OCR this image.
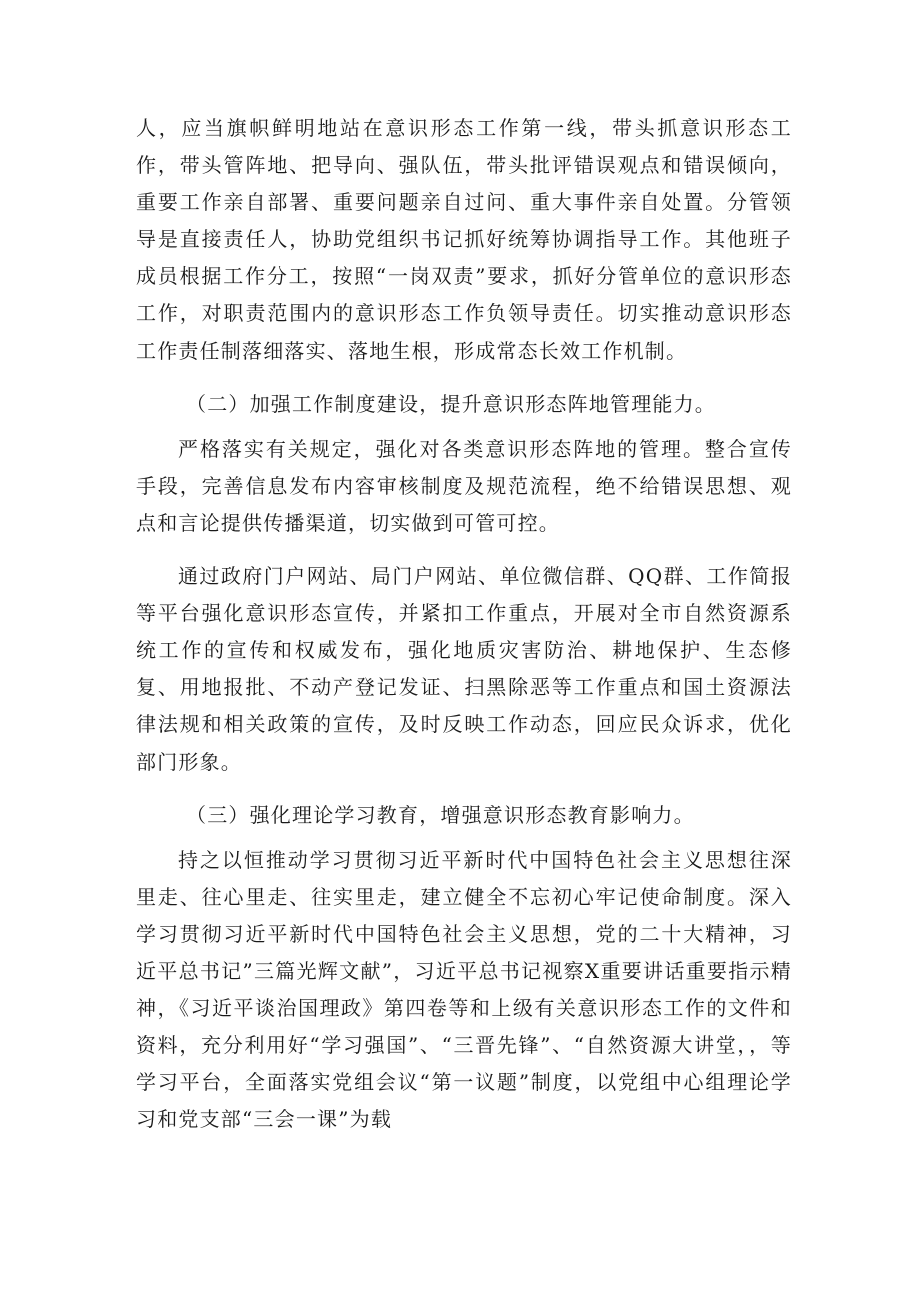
人，应当旗帜鲜明地站在意识形态工作第一线，带头抓意识形态工作，带头管阵地、把导向、强队伍，带头批评错误观点和错误倾向，重要工作亲自部署、重要问题亲自过问、重大事件亲自处置。分管领导是直接责任人，协助党组织书记抓好统筹协调指导工作。其他班子成员根据工作分工，按照“一岗双责”要求，抓好分管单位的意识形态工作，对职责范围内的意识形态工作负领导责任。切实推动意识形态工作责任制落细落实、落地生根，形成常态长效工作机制。

（二）加强工作制度建设，提升意识形态阵地管理能力。

严格落实有关规定，强化对各类意识形态阵地的管理。整合宣传手段，完善信息发布内容审核制度及规范流程，绝不给错误思想、观点和言论提供传播渠道，切实做到可管可控。

通过政府门户网站、局门户网站、单位微信群、QQ群、工作简报等平台强化意识形态宣传，并紧扣工作重点，开展对全市自然资源系统工作的宣传和权威发布，强化地质灾害防治、耕地保护、生态修复、用地报批、不动产登记发证、扫黑除恶等工作重点和国土资源法律法规和相关政策的宣传，及时反映工作动态，回应民众诉求，优化部门形象。

（三）强化理论学习教育，增强意识形态教育影响力。

持之以恒推动学习贯彻习近平新时代中国特色社会主义思想往深里走、往心里走、往实里走，建立健全不忘初心牢记使命制度。深入学习贯彻习近平新时代中国特色社会主义思想，党的二十大精神，习近平总书记”三篇光辉文献”，习近平总书记视察X重要讲话重要指示精神，《习近平谈治国理政》第四卷等和上级有关意识形态工作的文件和资料，充分利用好“学习强国”、“三晋先锋”、“自然资源大讲堂，，等学习平台，全面落实党组会议“第一议题”制度，以党组中心组理论学习和党支部“三会一课”为载
